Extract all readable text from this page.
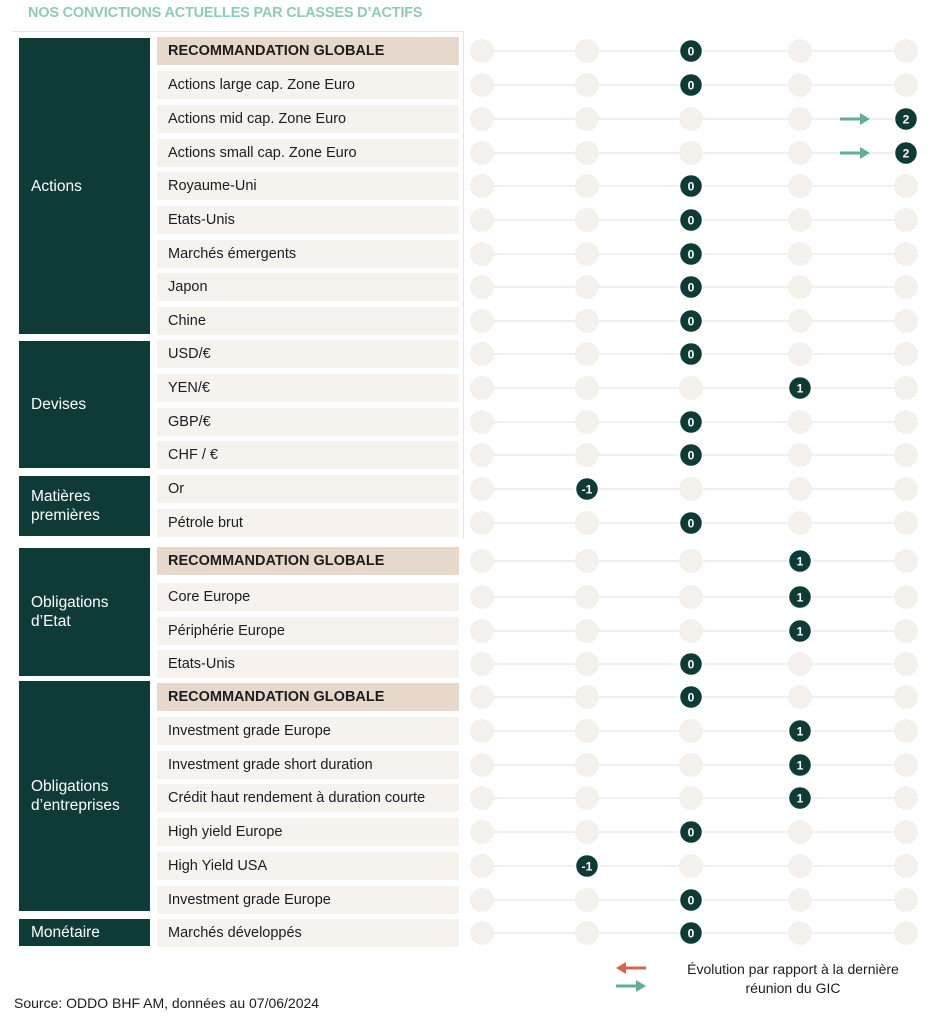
NOS CONVICTIONS ACTUELLES PAR CLASSES D’ACTIFS
Actions
Devises
Matières premières
Obligations d’Etat
Obligations d’entreprises
Monétaire
RECOMMANDATION GLOBALE
Actions large cap. Zone Euro
Actions mid cap. Zone Euro
Actions small cap. Zone Euro
Royaume-Uni
Etats-Unis
Marchés émergents
Japon
Chine
USD/€
YEN/€
GBP/€
CHF / €
Or
Pétrole brut
RECOMMANDATION GLOBALE
Core Europe
Périphérie Europe
Etats-Unis
RECOMMANDATION GLOBALE
Investment grade Europe
Investment grade short duration
Crédit haut rendement à duration courte
High yield Europe
High Yield USA
Investment grade Europe
Marchés développés
0
0
2
2
0
0
0
0
0
0
1
0
0
-1
0
1
1
1
0
0
1
1
1
0
-1
0
0
Évolution par rapport à la dernière réunion du GIC
Source: ODDO BHF AM, données au 07/06/2024
